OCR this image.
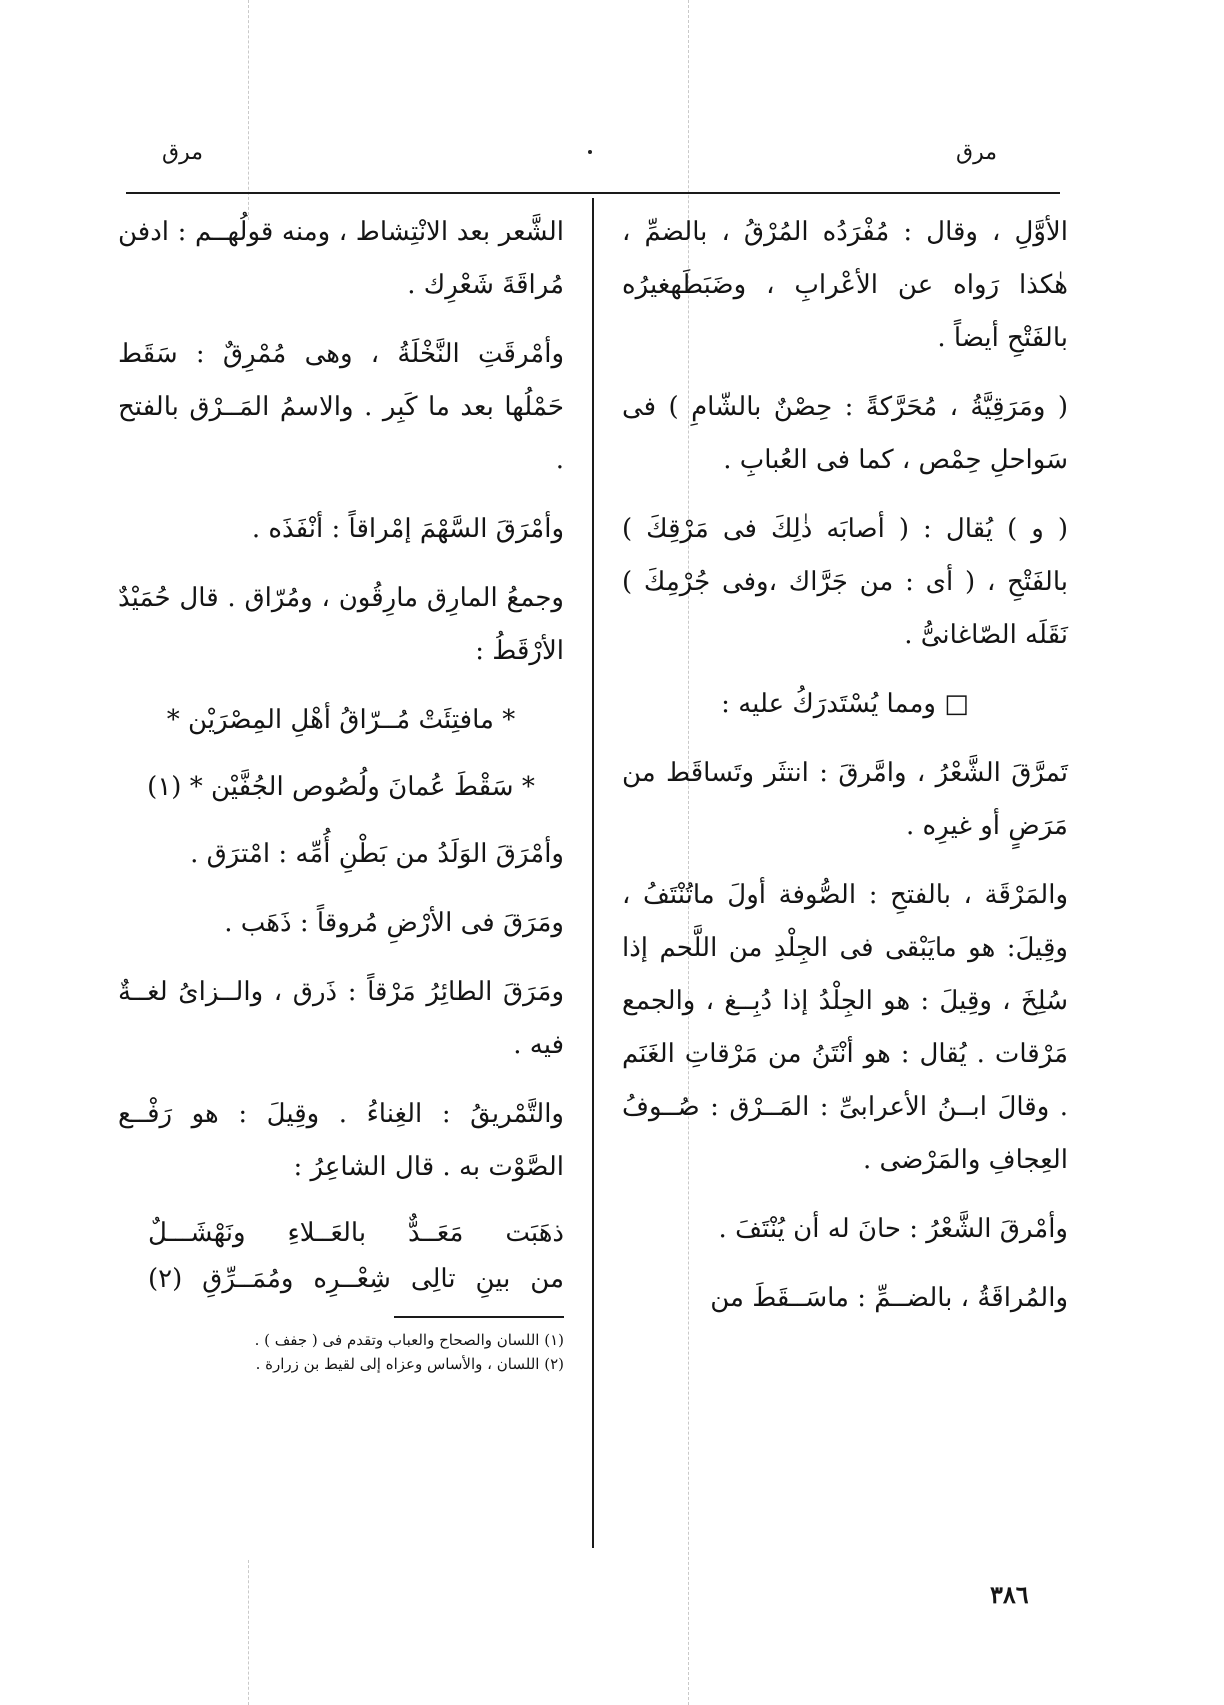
مرق
مرق

الأوَّلِ ، وقال : مُفْرَدُه المُرْقُ ، بالضمِّ ، هٰكذا رَواه عن الأعْرابِ ، وضَبَطَهغيرُه بالفَتْحِ أيضاً .

( ومَرَقِيَّةُ ، مُحَرَّكةً : حِصْنٌ بالشّامِ ) فى سَواحلِ حِمْص ، كما فى العُبابِ .

( و ) يُقال : ( أصابَه ذٰلِكَ فى مَرْقِكَ ) بالفَتْحِ ، ( أى : من جَرَّاك ،وفى جُرْمِكَ ) نَقَلَه الصّاغانىُّ .

□ ومما يُسْتَدرَكُ عليه :

تَمرَّقَ الشَّعْرُ ، وامَّرقَ : انتثَر وتَساقَط من مَرَضٍ أو غيرِه .

والمَرْقَة ، بالفتحِ : الصُّوفة أولَ ماتُنْتَفُ ، وقِيلَ: هو مايَبْقى فى الجِلْدِ من اللَّحم إذا سُلِخَ ، وقِيلَ : هو الجِلْدُ إذا دُبِــغ ، والجمع مَرْقات . يُقال : هو أنْتَنُ من مَرْقاتِ الغَنَم . وقالَ ابــنُ الأعرابىِّ : المَــرْق : صُــوفُ العِجافِ والمَرْضى .

وأمْرقَ الشَّعْرُ : حانَ له أن يُنْتَفَ .

والمُراقَةُ ، بالضــمِّ : ماسَــقَطَ من

الشَّعر بعد الانْتِشاط ، ومنه قولُهــم : ادفن مُراقَةَ شَعْرِك .

وأمْرقَتِ النَّخْلَةُ ، وهى مُمْرِقٌ : سَقَط حَمْلُها بعد ما كَبِر . والاسمُ المَــرْق بالفتح .

وأمْرَقَ السَّهْمَ إمْراقاً : أنْفَذَه .

وجمعُ المارِق مارِقُون ، ومُرّاق . قال حُمَيْدٌ الأرْقَطُ :

* مافتِئَتْ مُــرّاقُ أهْلِ المِصْرَيْن *

* سَقْطَ عُمانَ ولُصُوص الجُفَّيْن * (١)

وأمْرَقَ الوَلَدُ من بَطْنِ أُمِّه : امْترَق .

ومَرَقَ فى الأرْضِ مُروقاً : ذَهَب .

ومَرَقَ الطائِرُ مَرْقاً : ذَرق ، والــزاىُ لغــةٌ فيه .

والتَّمْريقُ : الغِناءُ . وقِيلَ : هو رَفْــع الصَّوْت به . قال الشاعِرُ :

ذهَبَت مَعَــدٌّ بالعَــلاءِ ونَهْشَـــلٌ

من بينِ تالِى شِعْــرِه ومُمَــرِّقِ (٢)

(١) اللسان والصحاح والعباب وتقدم فى ( جفف ) .

(٢) اللسان ، والأساس وعزاه إلى لقيط بن زرارة .

٣٨٦
